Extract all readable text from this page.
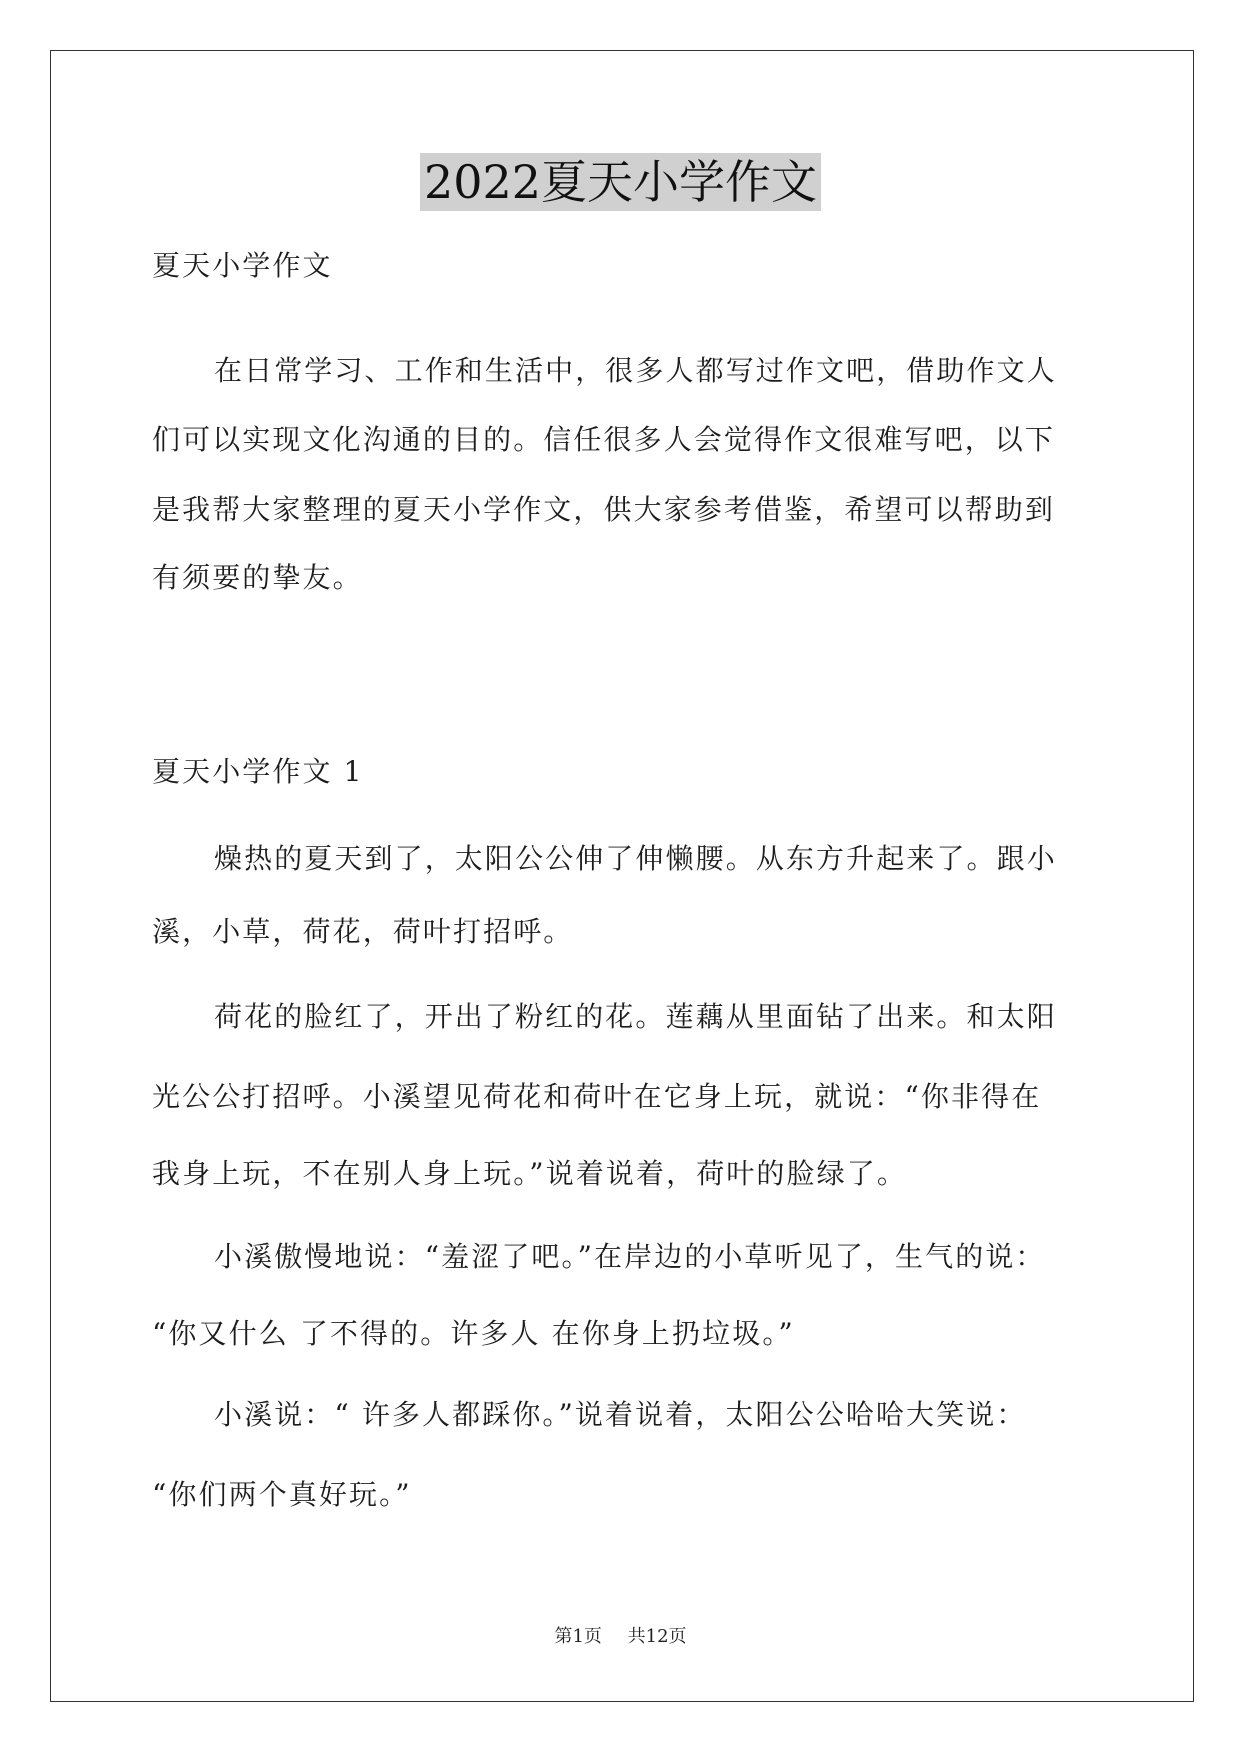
2022夏天小学作文
夏天小学作文
在日常学习、工作和生活中，很多人都写过作文吧，借助作文人
们可以实现文化沟通的目的。信任很多人会觉得作文很难写吧，以下
是我帮大家整理的夏天小学作文，供大家参考借鉴，希望可以帮助到
有须要的挚友。
夏天小学作文 1
燥热的夏天到了，太阳公公伸了伸懒腰。从东方升起来了。跟小
溪，小草，荷花，荷叶打招呼。
荷花的脸红了，开出了粉红的花。莲藕从里面钻了出来。和太阳
光公公打招呼。小溪望见荷花和荷叶在它身上玩，就说：“你非得在
我身上玩，不在别人身上玩。”说着说着，荷叶的脸绿了。
小溪傲慢地说：“羞涩了吧。”在岸边的小草听见了，生气的说：
“你又什么 了不得的。许多人 在你身上扔垃圾。”
小溪说：“ 许多人都踩你。”说着说着，太阳公公哈哈大笑说：
“你们两个真好玩。”
第1页 共12页
